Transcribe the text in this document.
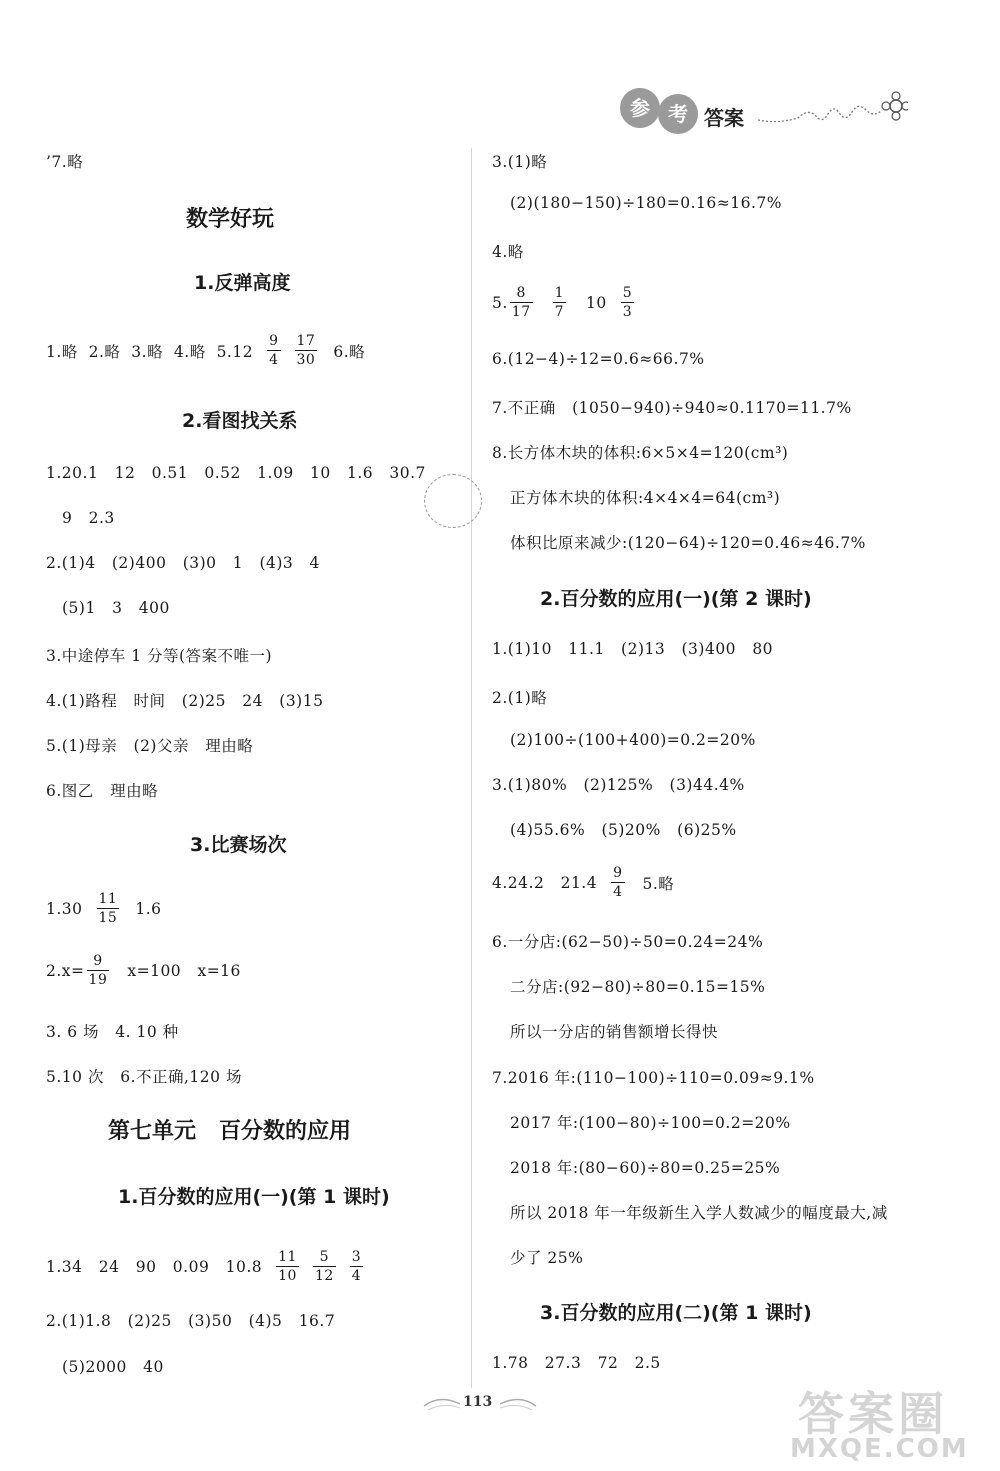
参 考 答案
’7.略
数学好玩
1.反弹高度
1.略  2.略  3.略  4.略  $5.12 \frac{9}{4} \frac{17}{30} 6$.略
2.看图找关系
1.20.1   12   0.51   0.52   1.09   10   1.6   30.7
9   2.3
2.(1)4   (2)400   (3)0   1   (4)3   4
(5)1   3   400
3.中途停车 1 分等(答案不唯一)
4.(1)路程   时间   (2)25   24   (3)15
5.(1)母亲   (2)父亲   理由略
6.图乙   理由略
3.比赛场次
$1.30 \frac{11}{15} 1.6$
$2.x= \frac{9}{19} x=100$   x=16
3. 6 场   4. 10 种
5.10 次   6.不正确,120 场
第七单元   百分数的应用
1.百分数的应用(一)(第 1 课时)
1.34   24   90   0.09   $10.8 \frac{11}{10} \frac{5}{12} \frac{3}{4}$
2.(1)1.8   (2)25   (3)50   (4)5   16.7
(5)2000   40
3.(1)略
(2)(180−150)÷180=0.16≈16.7%
4.略
5. $\frac{8}{17} \frac{1}{7} 10 \frac{5}{3}$
6.(12−4)÷12=0.6≈66.7%
7.不正确   (1050−940)÷940≈0.1170=11.7%
8.长方体木块的体积:6×5×4=120(cm³)
正方体木块的体积:4×4×4=64(cm³)
体积比原来减少:(120−64)÷120=0.46≈46.7%
2.百分数的应用(一)(第 2 课时)
1.(1)10   11.1   (2)13   (3)400   80
2.(1)略
(2)100÷(100+400)=0.2=20%
3.(1)80%   (2)125%   (3)44.4%
(4)55.6%   (5)20%   (6)25%
4.24.2   $21.4 \frac{9}{4} 5$.略
6.一分店:(62−50)÷50=0.24=24%
二分店:(92−80)÷80=0.15=15%
所以一分店的销售额增长得快
7.2016 年:(110−100)÷110=0.09≈9.1%
2017 年:(100−80)÷100=0.2=20%
2018 年:(80−60)÷80=0.25=25%
所以 2018 年一年级新生入学人数减少的幅度最大,减
少了 25%
3.百分数的应用(二)(第 1 课时)
1.78   27.3   72   2.5
113	答案圈
MXQE.COM
